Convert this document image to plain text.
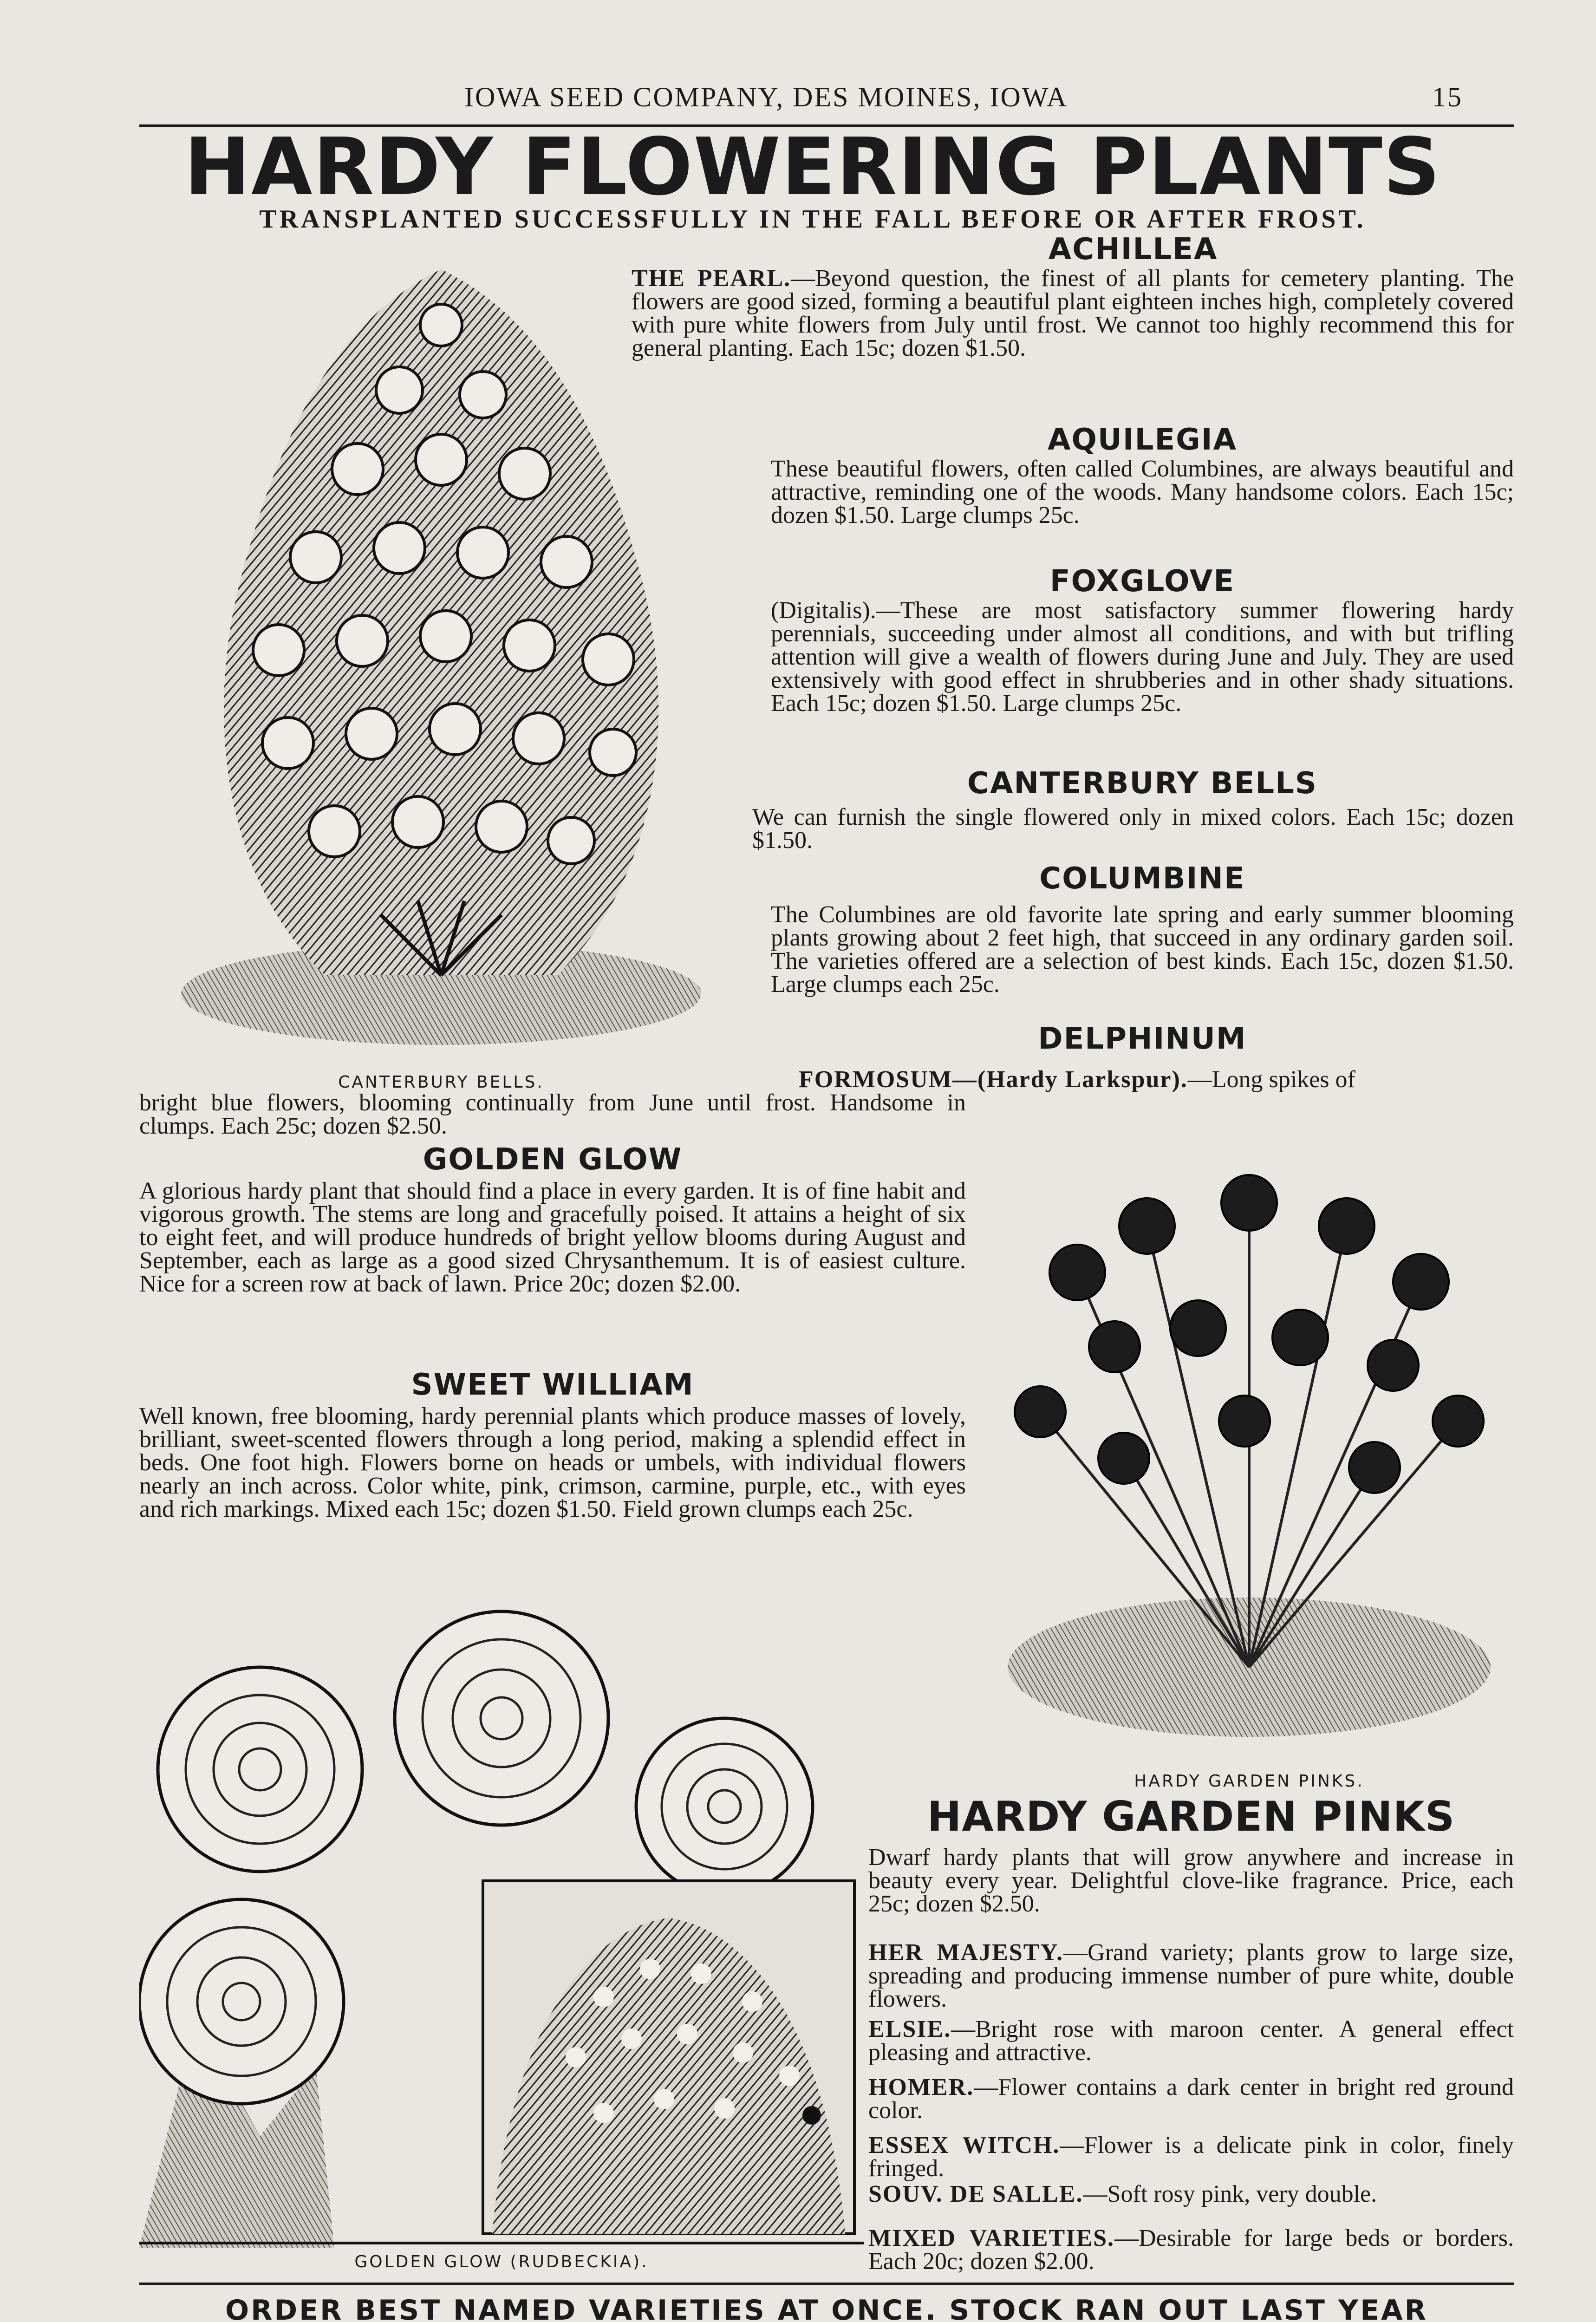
IOWA SEED COMPANY, DES MOINES, IOWA	15
HARDY FLOWERING PLANTS
TRANSPLANTED SUCCESSFULLY IN THE FALL BEFORE OR AFTER FROST.
CANTERBURY BELLS.
ACHILLEA
THE PEARL.—Beyond question, the finest of all plants for cemetery planting. The flowers are good sized, forming a beautiful plant eighteen inches high, completely covered with pure white flowers from July until frost. We cannot too highly recommend this for general planting. Each 15c; dozen $1.50.
AQUILEGIA
These beautiful flowers, often called Columbines, are always beautiful and attractive, reminding one of the woods. Many handsome colors. Each 15c; dozen $1.50. Large clumps 25c.
FOXGLOVE
(Digitalis).—These are most satisfactory summer flowering hardy perennials, succeeding under almost all conditions, and with but trifling attention will give a wealth of flowers during June and July. They are used extensively with good effect in shrubberies and in other shady situations. Each 15c; dozen $1.50. Large clumps 25c.
CANTERBURY BELLS
We can furnish the single flowered only in mixed colors. Each 15c; dozen $1.50.
COLUMBINE
The Columbines are old favorite late spring and early summer blooming plants growing about 2 feet high, that succeed in any ordinary garden soil. The varieties offered are a selection of best kinds. Each 15c, dozen $1.50. Large clumps each 25c.
DELPHINUM
FORMOSUM—(Hardy Larkspur).—Long spikes of
bright blue flowers, blooming continually from June until frost. Handsome in clumps. Each 25c; dozen $2.50.
GOLDEN GLOW
A glorious hardy plant that should find a place in every garden. It is of fine habit and vigorous growth. The stems are long and gracefully poised. It attains a height of six to eight feet, and will produce hundreds of bright yellow blooms during August and September, each as large as a good sized Chrysanthemum. It is of easiest culture. Nice for a screen row at back of lawn. Price 20c; dozen $2.00.
SWEET WILLIAM
Well known, free blooming, hardy perennial plants which produce masses of lovely, brilliant, sweet-scented flowers through a long period, making a splendid effect in beds. One foot high. Flowers borne on heads or umbels, with individual flowers nearly an inch across. Color white, pink, crimson, carmine, purple, etc., with eyes and rich markings. Mixed each 15c; dozen $1.50. Field grown clumps each 25c.
HARDY GARDEN PINKS.
HARDY GARDEN PINKS
Dwarf hardy plants that will grow anywhere and increase in beauty every year. Delightful clove-like fragrance. Price, each 25c; dozen $2.50.
HER MAJESTY.—Grand variety; plants grow to large size, spreading and producing immense number of pure white, double flowers.
ELSIE.—Bright rose with maroon center. A general effect pleasing and attractive.
HOMER.—Flower contains a dark center in bright red ground color.
ESSEX WITCH.—Flower is a delicate pink in color, finely fringed.
SOUV. DE SALLE.—Soft rosy pink, very double.
MIXED VARIETIES.—Desirable for large beds or borders. Each 20c; dozen $2.00.
GOLDEN GLOW (RUDBECKIA).
ORDER BEST NAMED VARIETIES AT ONCE. STOCK RAN OUT LAST YEAR
